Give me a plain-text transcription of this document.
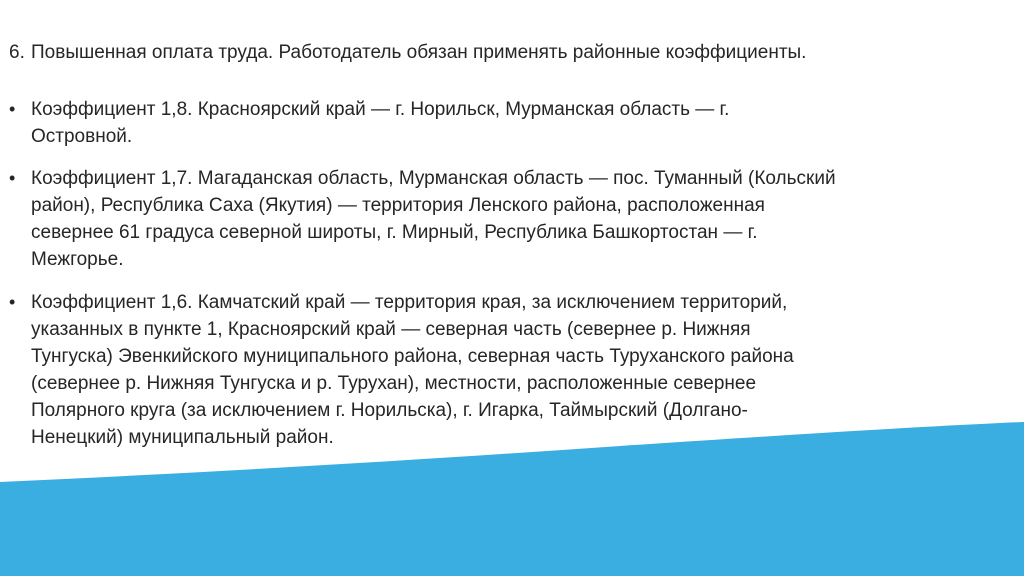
6. Повышенная оплата труда. Работодатель обязан применять районные коэффициенты.
• Коэффициент 1,8. Красноярский край — г. Норильск, Мурманская область — г.
Островной.
• Коэффициент 1,7. Магаданская область, Мурманская область — пос. Туманный (Кольский
район), Республика Саха (Якутия) — территория Ленского района, расположенная
севернее 61 градуса северной широты, г. Мирный, Республика Башкортостан — г.
Межгорье.
• Коэффициент 1,6. Камчатский край — территория края, за исключением территорий,
указанных в пункте 1, Красноярский край — северная часть (севернее р. Нижняя
Тунгуска) Эвенкийского муниципального района, северная часть Туруханского района
(севернее р. Нижняя Тунгуска и р. Турухан), местности, расположенные севернее
Полярного круга (за исключением г. Норильска), г. Игарка, Таймырский (Долгано-
Ненецкий) муниципальный район.
